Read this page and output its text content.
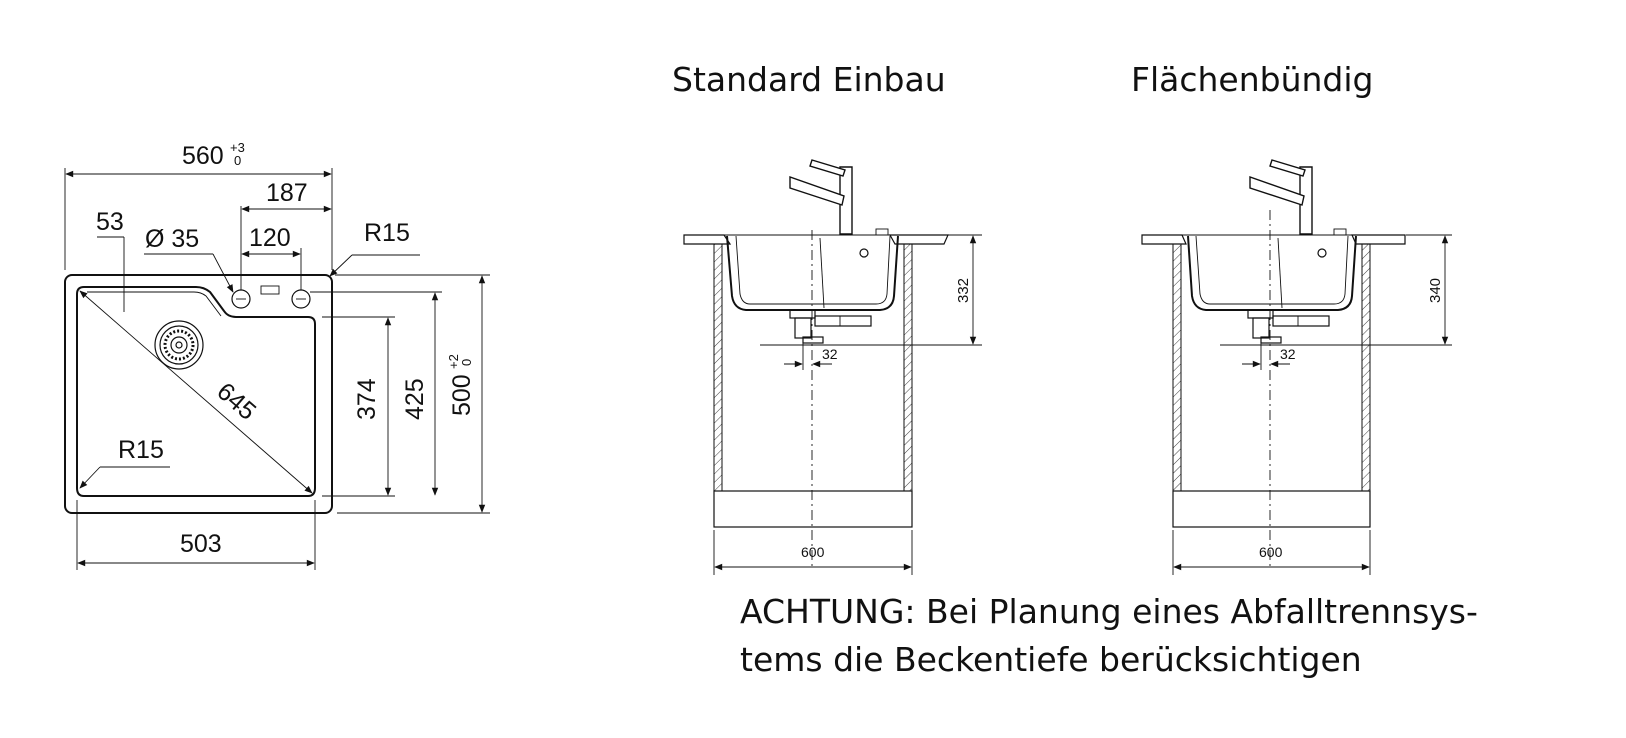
560 +3
0
187
120
53
Ø 35	R15
645
R15
374 425 500
+2
0
503
332
32
600
340
32
600
Standard Einbau	Flächenbündig
ACHTUNG: Bei Planung eines Abfalltrennsys-
tems die Beckentiefe berücksichtigen
